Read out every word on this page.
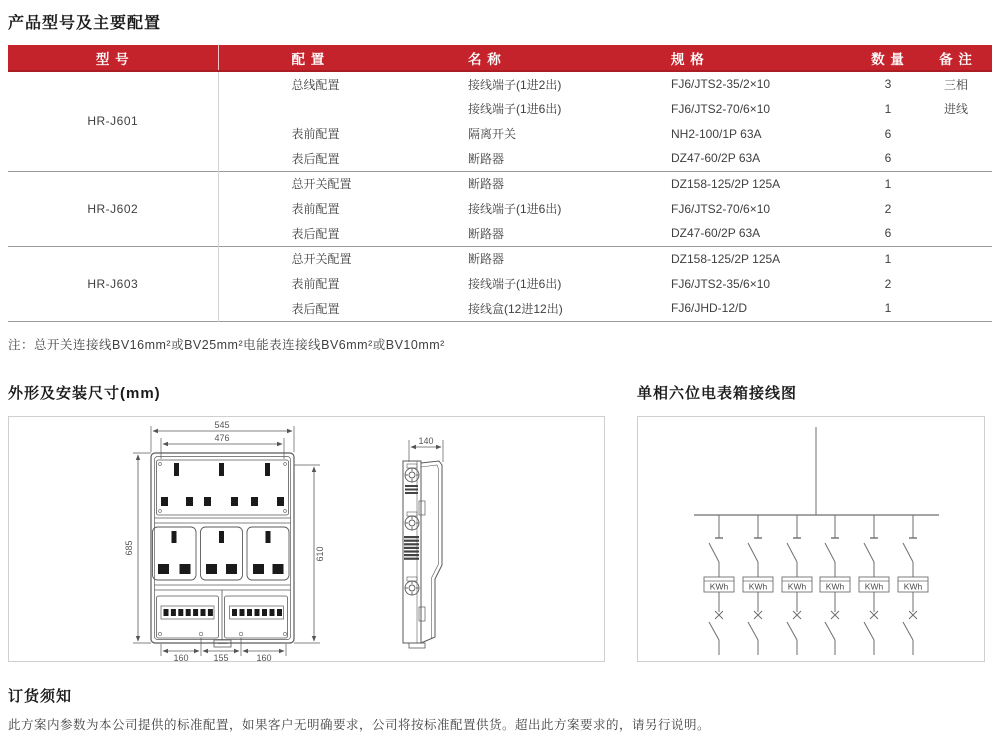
产品型号及主要配置
型 号	配 置	名 称	规 格	数 量	备 注
HR-J601	总线配置	接线端子(1进2出)	FJ6/JTS2-35/2×10	3	三相
		接线端子(1进6出)	FJ6/JTS2-70/6×10	1	进线
	表前配置	隔离开关	NH2-100/1P 63A	6	
	表后配置	断路器	DZ47-60/2P 63A	6	
HR-J602	总开关配置	断路器	DZ158-125/2P 125A	1	
	表前配置	接线端子(1进6出)	FJ6/JTS2-70/6×10	2	
	表后配置	断路器	DZ47-60/2P 63A	6	
HR-J603	总开关配置	断路器	DZ158-125/2P 125A	1	
	表前配置	接线端子(1进6出)	FJ6/JTS2-35/6×10	2	
	表后配置	接线盒(12进12出)	FJ6/JHD-12/D	1	

注：总开关连接线BV16mm²或BV25mm²电能表连接线BV6mm²或BV10mm²

外形及安装尺寸(mm)
545
476
685	610
160	155	160
140
单相六位电表箱接线图
KWh KWh KWh KWh KWh KWh
订货须知

此方案内参数为本公司提供的标准配置，如果客户无明确要求，公司将按标准配置供货。超出此方案要求的，请另行说明。
